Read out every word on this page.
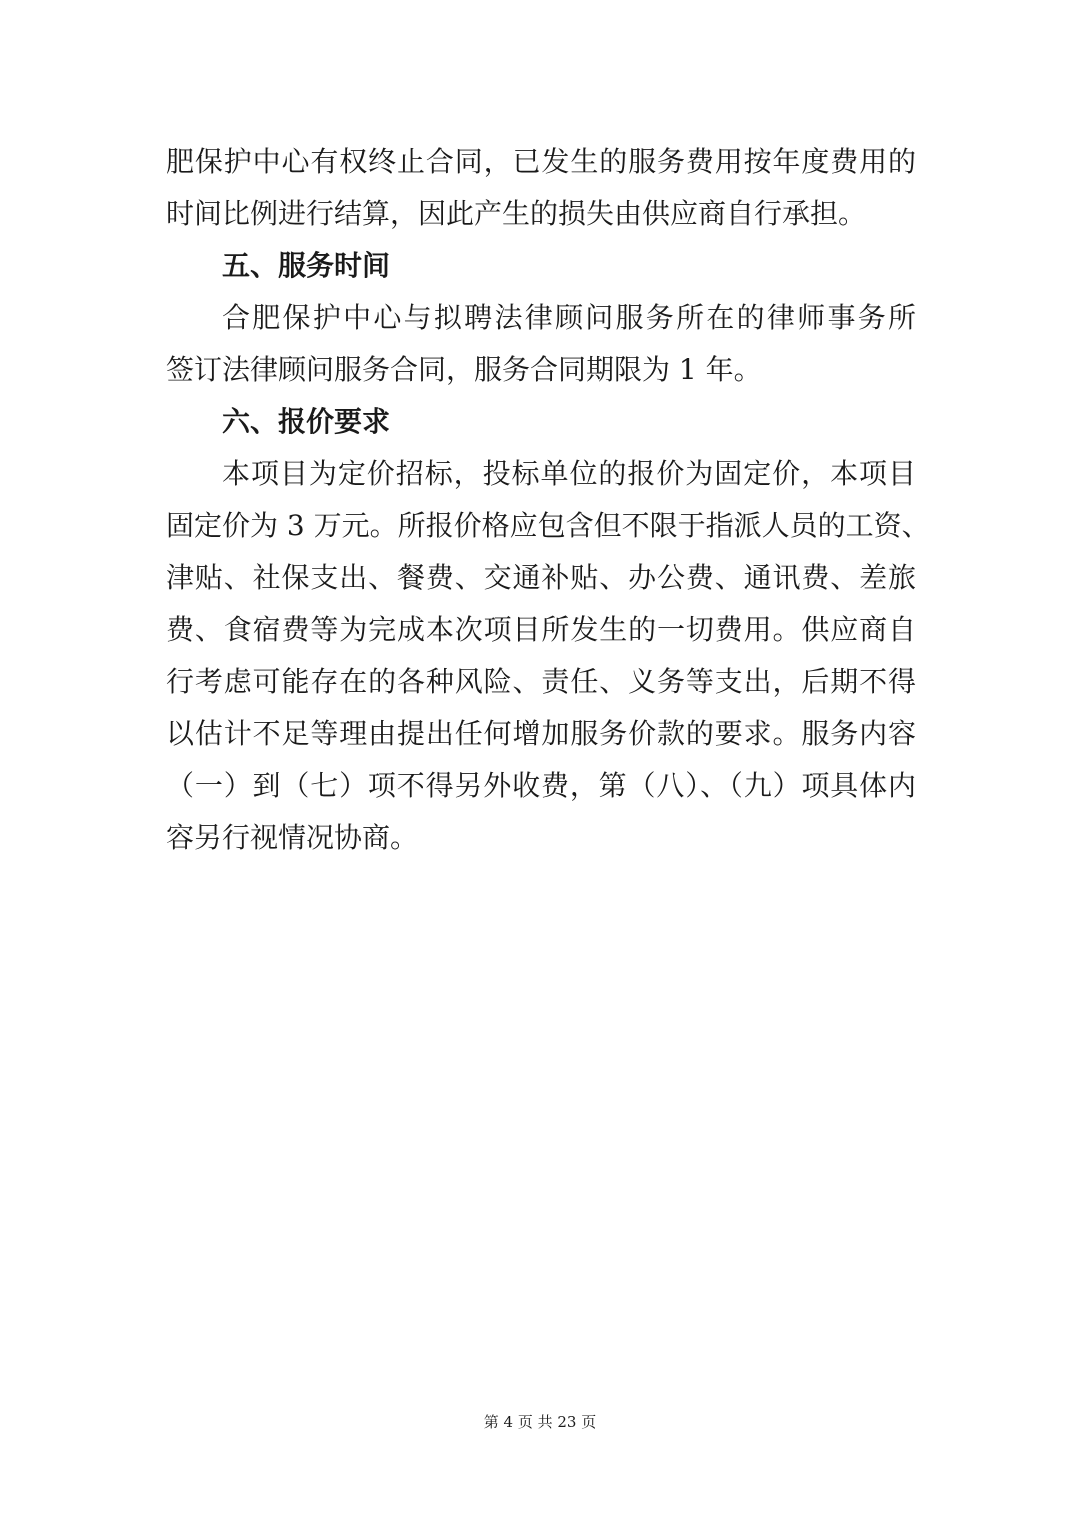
肥保护中心有权终止合同，已发生的服务费用按年度费用的
时间比例进行结算，因此产生的损失由供应商自行承担。
五、服务时间
合肥保护中心与拟聘法律顾问服务所在的律师事务所
签订法律顾问服务合同，服务合同期限为 1 年。
六、报价要求
本项目为定价招标，投标单位的报价为固定价，本项目
固定价为 3 万元。所报价格应包含但不限于指派人员的工资、
津贴、社保支出、餐费、交通补贴、办公费、通讯费、差旅
费、食宿费等为完成本次项目所发生的一切费用。供应商自
行考虑可能存在的各种风险、责任、义务等支出，后期不得
以估计不足等理由提出任何增加服务价款的要求。服务内容
（一）到（七）项不得另外收费，第（八）、（九）项具体内
容另行视情况协商。
第 4 页 共 23 页
